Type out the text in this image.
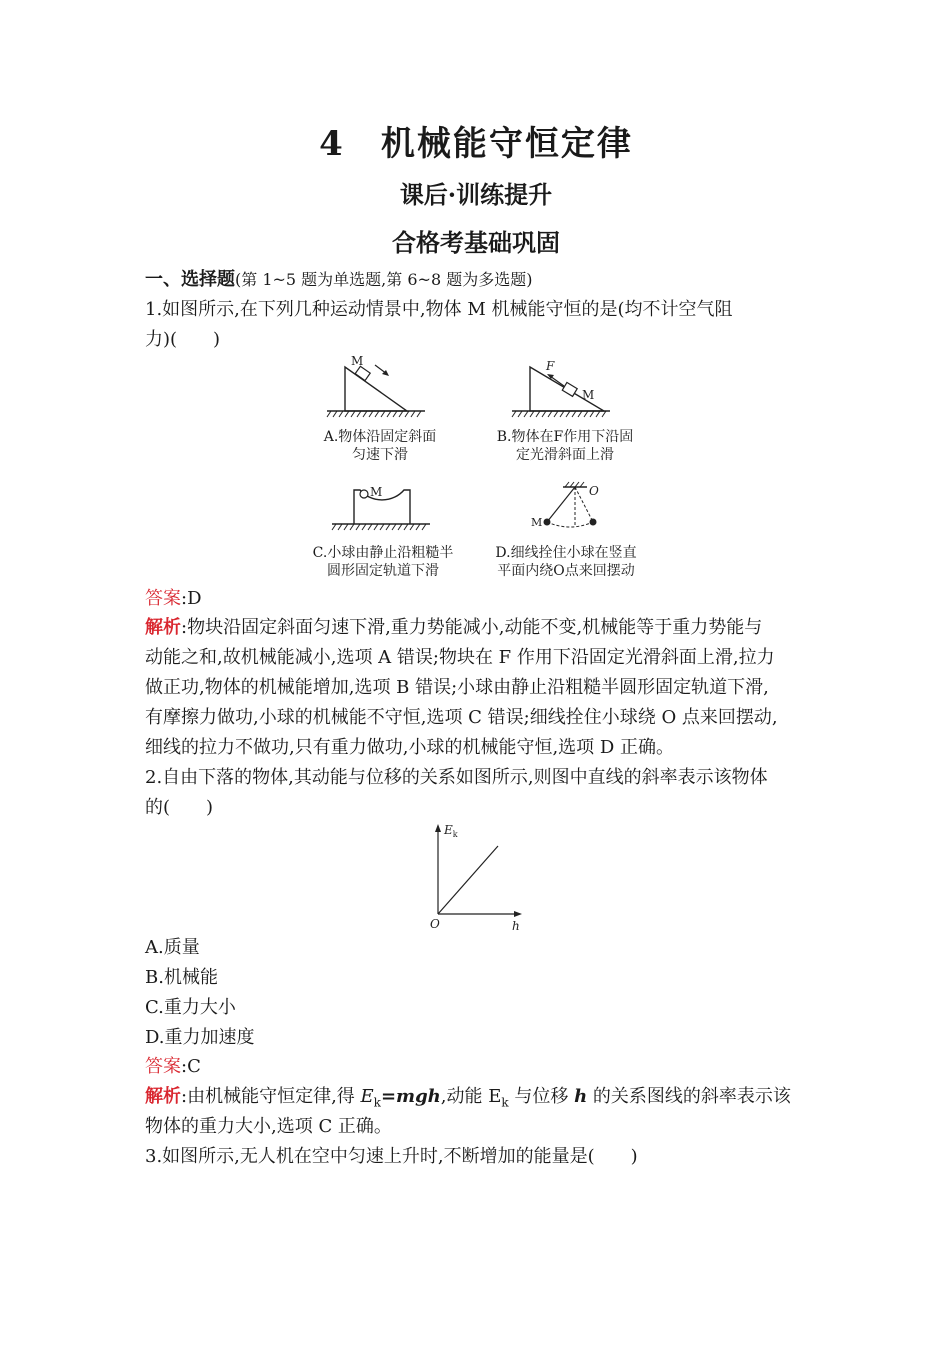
4　机械能守恒定律
课后·训练提升
合格考基础巩固
一、选择题(第 1~5 题为单选题,第 6~8 题为多选题)
1.如图所示,在下列几种运动情景中,物体 M 机械能守恒的是(均不计空气阻
力)(　　)
M
A.物体沿固定斜面
匀速下滑
F
M
B.物体在F作用下沿固
定光滑斜面上滑
M
C.小球由静止沿粗糙半
圆形固定轨道下滑
O
M
D.细线拴住小球在竖直
平面内绕O点来回摆动
答案:D
解析:物块沿固定斜面匀速下滑,重力势能减小,动能不变,机械能等于重力势能与
动能之和,故机械能减小,选项 A 错误;物块在 F 作用下沿固定光滑斜面上滑,拉力
做正功,物体的机械能增加,选项 B 错误;小球由静止沿粗糙半圆形固定轨道下滑,
有摩擦力做功,小球的机械能不守恒,选项 C 错误;细线拴住小球绕 O 点来回摆动,
细线的拉力不做功,只有重力做功,小球的机械能守恒,选项 D 正确。
2.自由下落的物体,其动能与位移的关系如图所示,则图中直线的斜率表示该物体
的(　　)
$E_k$
O	h
A.质量
B.机械能
C.重力大小
D.重力加速度
答案:C
解析:由机械能守恒定律,得 $E_k=mgh$,动能 $E_k$ 与位移 h 的关系图线的斜率表示该
物体的重力大小,选项 C 正确。
3.如图所示,无人机在空中匀速上升时,不断增加的能量是(　　)
